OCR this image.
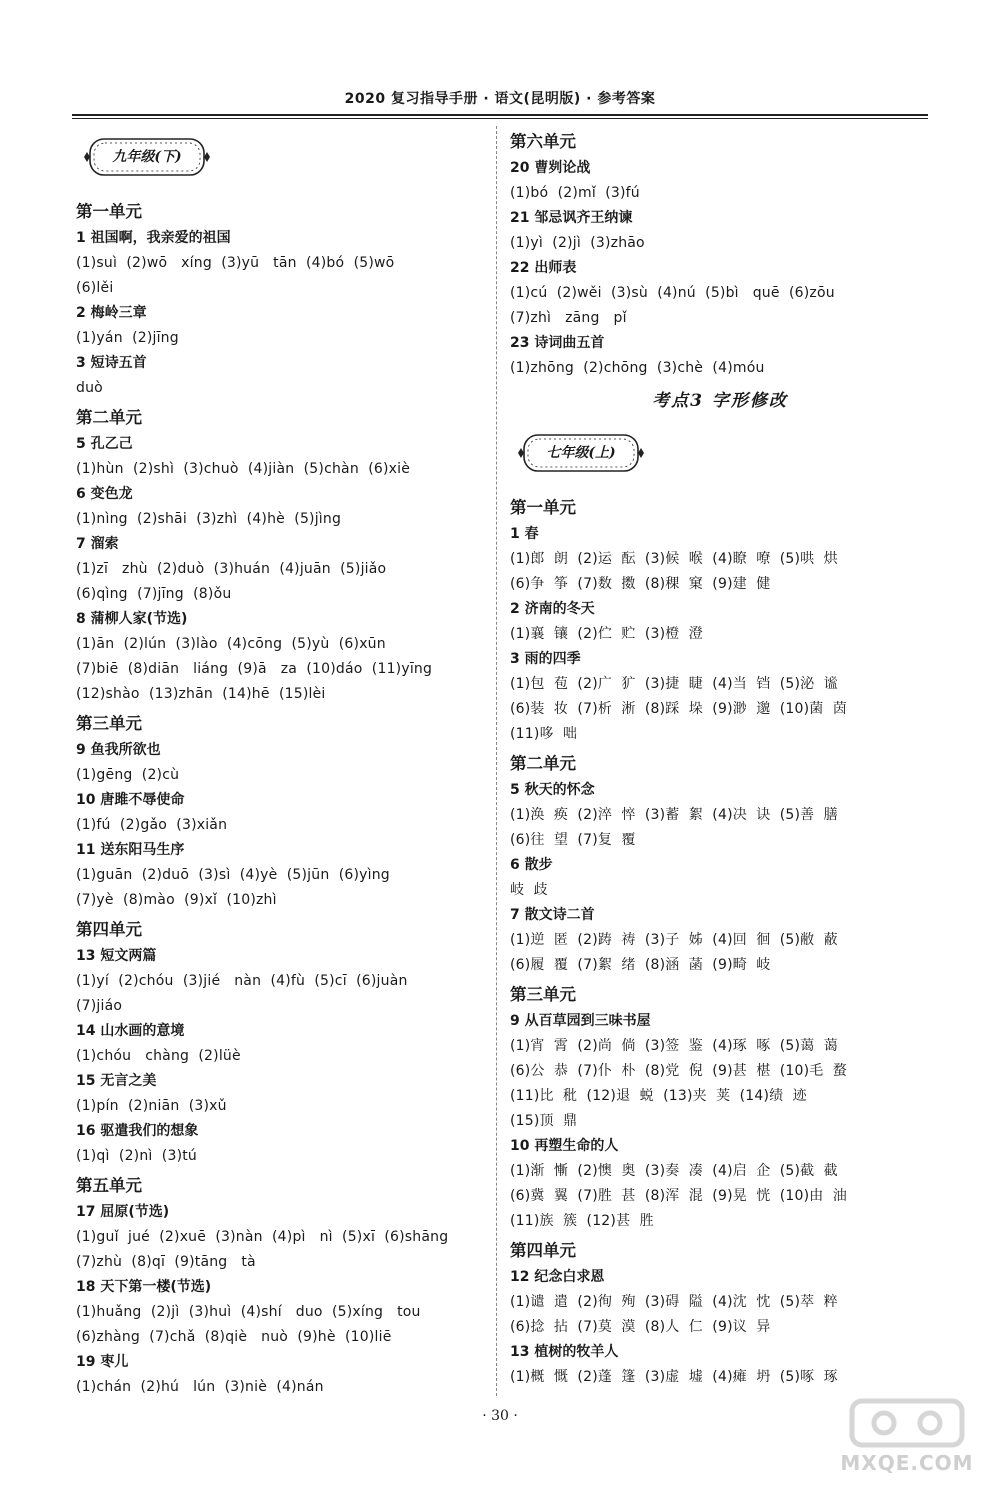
2020 复习指导手册 · 语文(昆明版) · 参考答案
九年级(下)
第一单元
1 祖国啊，我亲爱的祖国
(1)suì  (2)wō   xíng  (3)yū   tān  (4)bó  (5)wō
(6)lěi
2 梅岭三章
(1)yán  (2)jīng
3 短诗五首
duò
第二单元
5 孔乙己
(1)hùn  (2)shì  (3)chuò  (4)jiàn  (5)chàn  (6)xiè
6 变色龙
(1)nìng  (2)shāi  (3)zhì  (4)hè  (5)jìng
7 溜索
(1)zī   zhù  (2)duò  (3)huán  (4)juān  (5)jiǎo
(6)qìng  (7)jīng  (8)ǒu
8 蒲柳人家(节选)
(1)ān  (2)lún  (3)lào  (4)cōng  (5)yù  (6)xūn
(7)biē  (8)diān   liáng  (9)ā   za  (10)dáo  (11)yīng
(12)shào  (13)zhān  (14)hē  (15)lèi
第三单元
9 鱼我所欲也
(1)gēng  (2)cù
10 唐雎不辱使命
(1)fú  (2)gǎo  (3)xiǎn
11 送东阳马生序
(1)guān  (2)duō  (3)sì  (4)yè  (5)jūn  (6)yìng
(7)yè  (8)mào  (9)xǐ  (10)zhì
第四单元
13 短文两篇
(1)yí  (2)chóu  (3)jié   nàn  (4)fù  (5)cī  (6)juàn
(7)jiáo
14 山水画的意境
(1)chóu   chàng  (2)lüè
15 无言之美
(1)pín  (2)niān  (3)xǔ
16 驱遣我们的想象
(1)qì  (2)nì  (3)tú
第五单元
17 屈原(节选)
(1)guǐ  jué  (2)xuē  (3)nàn  (4)pì   nì  (5)xī  (6)shāng
(7)zhù  (8)qī  (9)tāng   tà
18 天下第一楼(节选)
(1)huǎng  (2)jì  (3)huì  (4)shí   duo  (5)xíng   tou
(6)zhàng  (7)chǎ  (8)qiè   nuò  (9)hè  (10)liē
19 枣儿
(1)chán  (2)hú   lún  (3)niè  (4)nán
第六单元
20 曹刿论战
(1)bó  (2)mǐ  (3)fú
21 邹忌讽齐王纳谏
(1)yì  (2)jì  (3)zhāo
22 出师表
(1)cú  (2)wěi  (3)sù  (4)nú  (5)bì   quē  (6)zōu
(7)zhì   zāng   pǐ
23 诗词曲五首
(1)zhōng  (2)chōng  (3)chè  (4)móu
考点3 字形修改
七年级(上)
第一单元
1 春
(1)郎  朗  (2)运  酝  (3)候  喉  (4)瞭  嘹  (5)哄  烘
(6)争  筝  (7)数  擞  (8)稞  窠  (9)建  健
2 济南的冬天
(1)襄  镶  (2)伫  贮  (3)橙  澄
3 雨的四季
(1)包  苞  (2)广  犷  (3)捷  睫  (4)当  铛  (5)泌  谧
(6)装  妆  (7)析  淅  (8)踩  垛  (9)渺  邈  (10)菌  茵
(11)哆  咄
第二单元
5 秋天的怀念
(1)涣  痪  (2)淬  悴  (3)蓄  絮  (4)决  诀  (5)善  膳
(6)往  望  (7)复  覆
6 散步
岐  歧
7 散文诗二首
(1)逆  匿  (2)踌  祷  (3)子  姊  (4)回  徊  (5)敝  蔽
(6)履  覆  (7)絮  绪  (8)涵  菡  (9)畸  岐
第三单元
9 从百草园到三味书屋
(1)宵  霄  (2)尚  倘  (3)签  鉴  (4)琢  啄  (5)蔼  蔼
(6)公  恭  (7)仆  朴  (8)党  倪  (9)甚  椹  (10)毛  蝥
(11)比  秕  (12)退  蜕  (13)夹  荚  (14)绩  迹
(15)顶  鼎
10 再塑生命的人
(1)渐  慚  (2)懊  奥  (3)奏  凑  (4)启  企  (5)截  截
(6)冀  翼  (7)胜  甚  (8)浑  混  (9)晃  恍  (10)由  油
(11)族  簇  (12)甚  胜
第四单元
12 纪念白求恩
(1)谴  遣  (2)徇  殉  (3)碍  隘  (4)沈  忱  (5)萃  粹
(6)捻  拈  (7)莫  漠  (8)人  仁  (9)议  异
13 植树的牧羊人
(1)概  慨  (2)蓬  篷  (3)虚  墟  (4)瘫  坍  (5)啄  琢
· 30 ·
MXQE.COM
